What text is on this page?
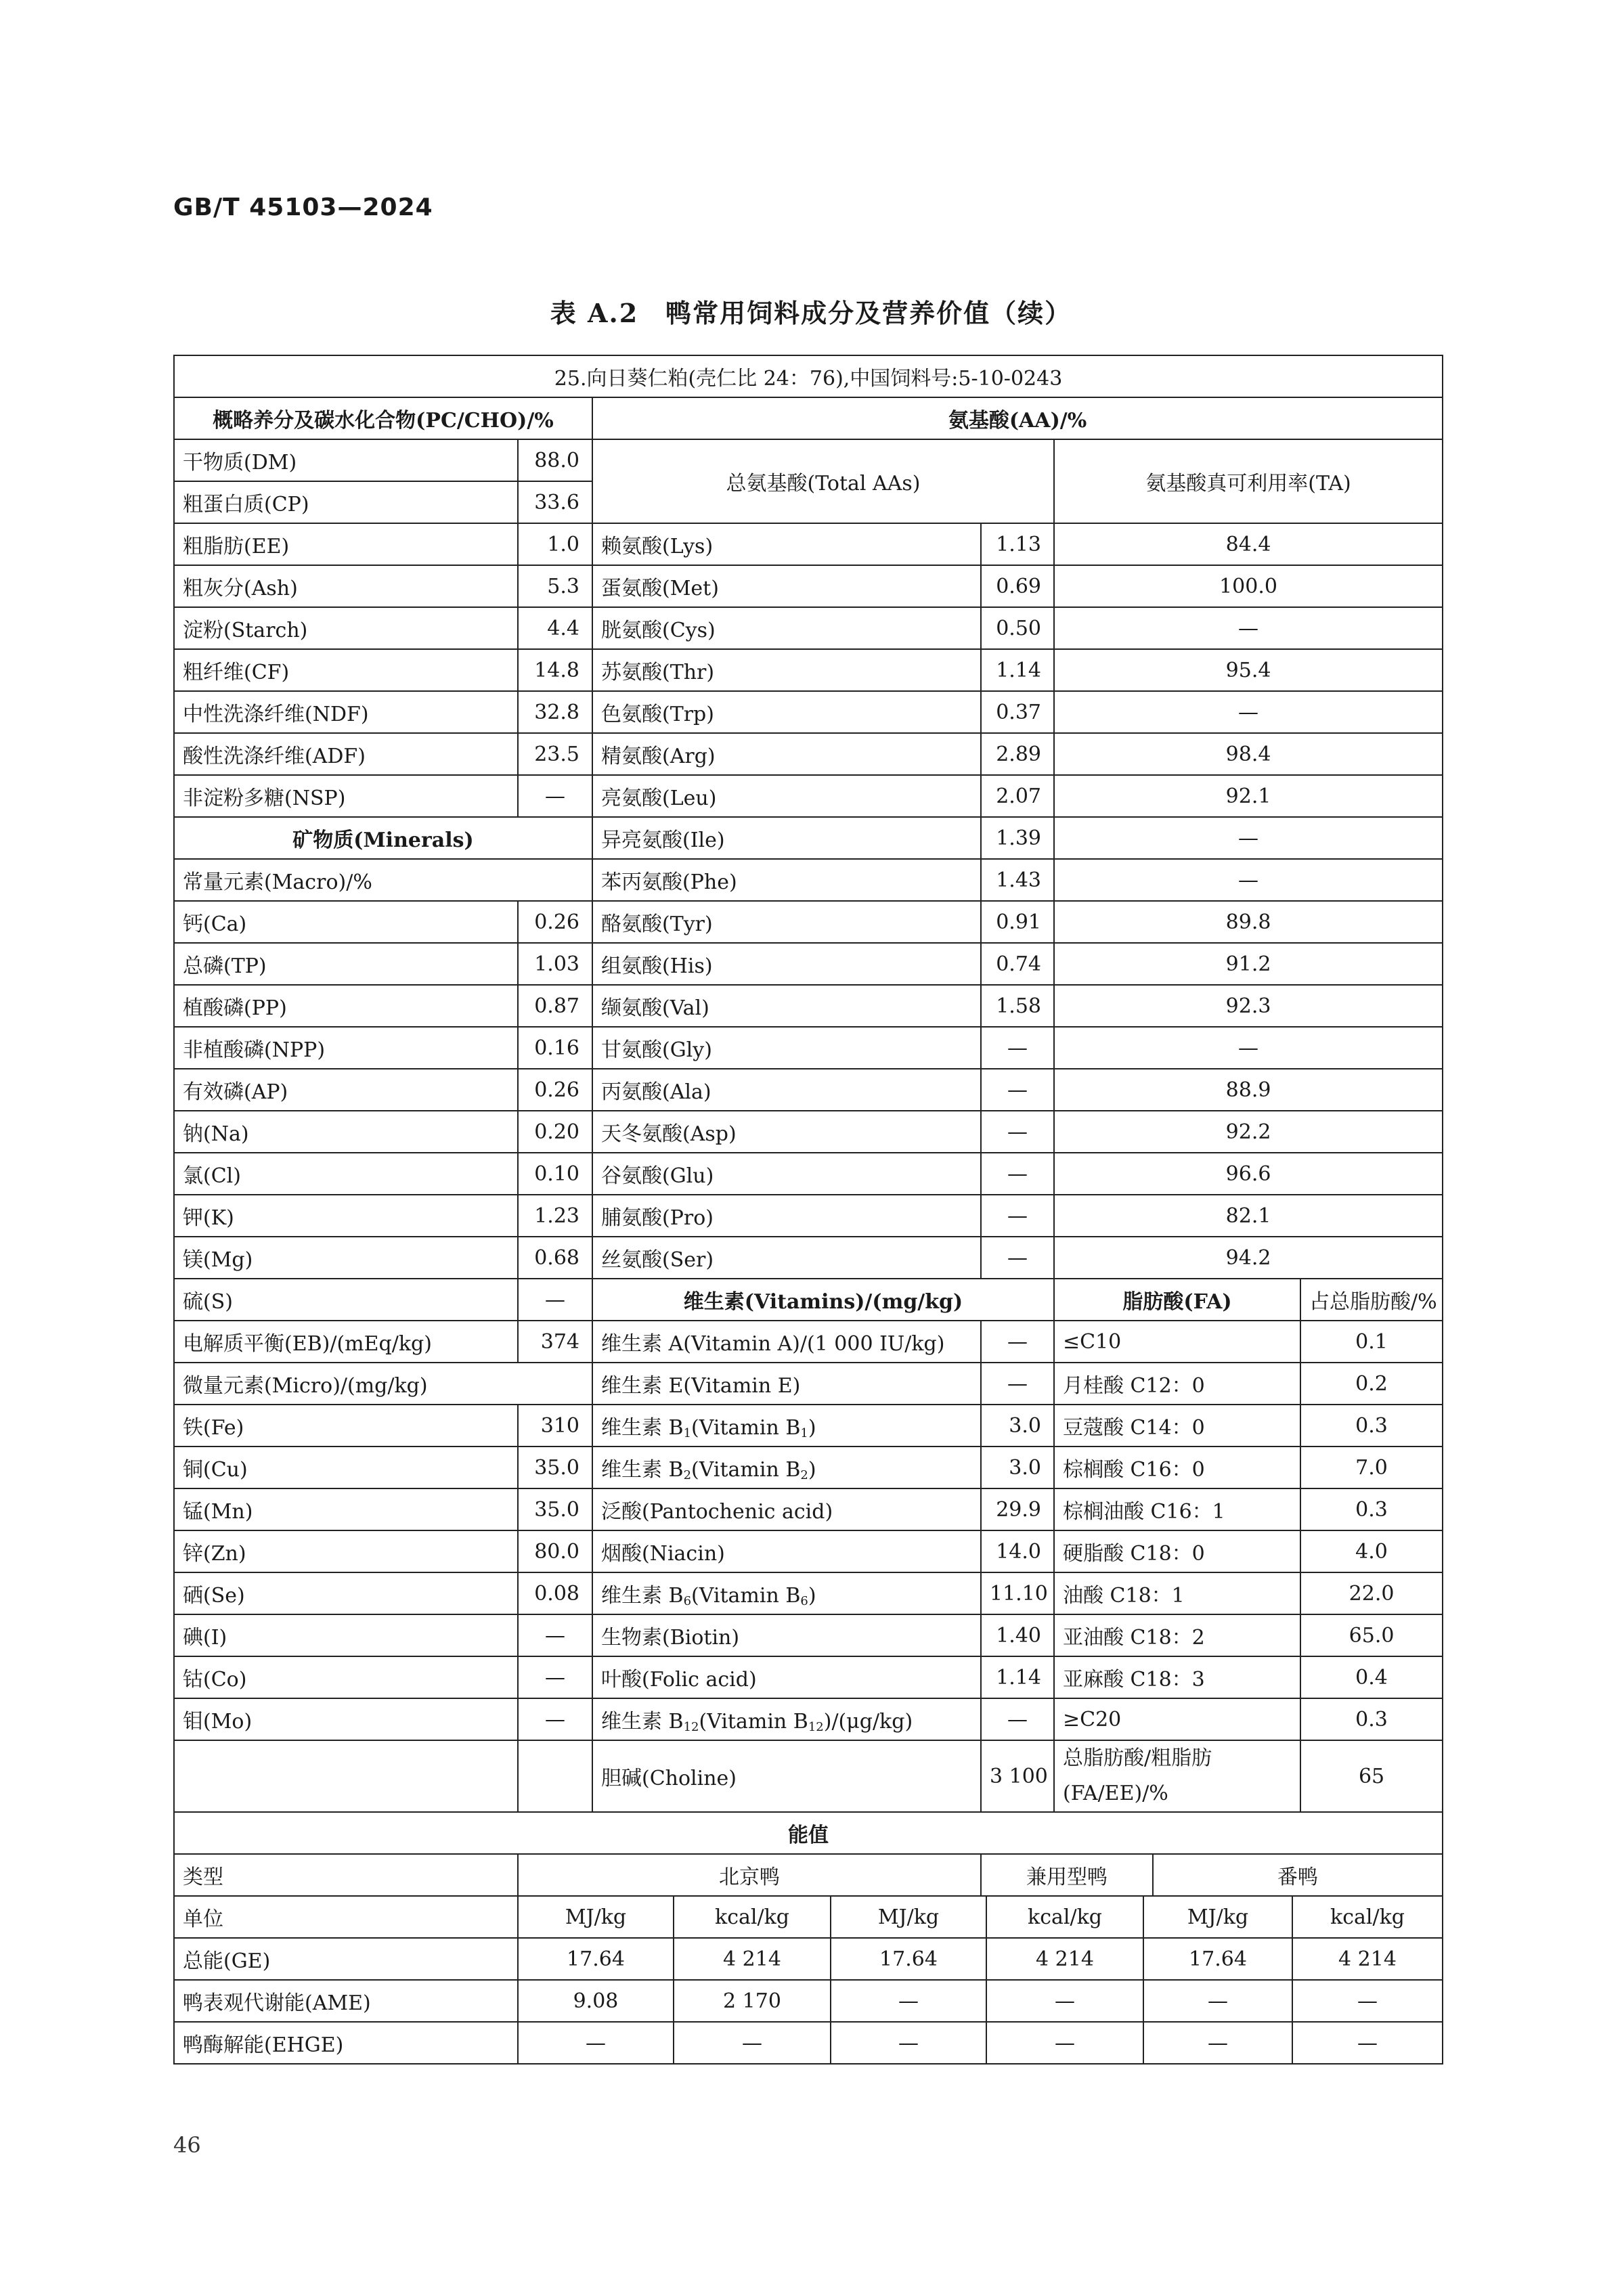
GB/T 45103—2024
表 A.2　鸭常用饲料成分及营养价值（续）
25.向日葵仁粕(壳仁比 24：76),中国饲料号:5-10-0243						
概略养分及碳水化合物(PC/CHO)/%		氨基酸(AA)/%				
干物质(DM)	88.0	总氨基酸(Total AAs)		氨基酸真可利用率(TA)		
粗蛋白质(CP)	33.6					
粗脂肪(EE)	1.0	赖氨酸(Lys)	1.13	84.4		
粗灰分(Ash)	5.3	蛋氨酸(Met)	0.69	100.0		
淀粉(Starch)	4.4	胱氨酸(Cys)	0.50	—		
粗纤维(CF)	14.8	苏氨酸(Thr)	1.14	95.4		
中性洗涤纤维(NDF)	32.8	色氨酸(Trp)	0.37	—		
酸性洗涤纤维(ADF)	23.5	精氨酸(Arg)	2.89	98.4		
非淀粉多糖(NSP)	—	亮氨酸(Leu)	2.07	92.1		
矿物质(Minerals)		异亮氨酸(Ile)	1.39	—		
常量元素(Macro)/%		苯丙氨酸(Phe)	1.43	—		
钙(Ca)	0.26	酪氨酸(Tyr)	0.91	89.8		
总磷(TP)	1.03	组氨酸(His)	0.74	91.2		
植酸磷(PP)	0.87	缬氨酸(Val)	1.58	92.3		
非植酸磷(NPP)	0.16	甘氨酸(Gly)	—	—		
有效磷(AP)	0.26	丙氨酸(Ala)	—	88.9		
钠(Na)	0.20	天冬氨酸(Asp)	—	92.2		
氯(Cl)	0.10	谷氨酸(Glu)	—	96.6		
钾(K)	1.23	脯氨酸(Pro)	—	82.1		
镁(Mg)	0.68	丝氨酸(Ser)	—	94.2		
硫(S)	—	维生素(Vitamins)/(mg/kg)		脂肪酸(FA)		占总脂肪酸/%
电解质平衡(EB)/(mEq/kg)	374	维生素 A(Vitamin A)/(1 000 IU/kg)	—	≤C10		0.1
微量元素(Micro)/(mg/kg)		维生素 E(Vitamin E)	—	月桂酸 C12：0		0.2
铁(Fe)	310	维生素 $B_1(Vitamin$ $B_1$)	3.0	豆蔻酸 C14：0		0.3
铜(Cu)	35.0	维生素 $B_2(Vitamin$ $B_2$)	3.0	棕榈酸 C16：0		7.0
锰(Mn)	35.0	泛酸(Pantochenic acid)	29.9	棕榈油酸 C16：1		0.3
锌(Zn)	80.0	烟酸(Niacin)	14.0	硬脂酸 C18：0		4.0
硒(Se)	0.08	维生素 $B_6(Vitamin$ $B_6$)	11.10	油酸 C18：1		22.0
碘(I)	—	生物素(Biotin)	1.40	亚油酸 C18：2		65.0
钴(Co)	—	叶酸(Folic acid)	1.14	亚麻酸 C18：3		0.4
钼(Mo)	—	维生素 $B_{12}(Vitamin$ $B_{12})/(\mu g/kg)$	—	≥C20		0.3
		胆碱(Choline)	3 100	总脂肪酸/粗脂肪(FA/EE)/%		65
能值						
类型	北京鸭		兼用型鸭		番鸭	
46
单位	MJ/kg	kcal/kg	MJ/kg	kcal/kg	MJ/kg	kcal/kg
总能(GE)	17.64	4 214	17.64	4 214	17.64	4 214
鸭表观代谢能(AME)	9.08	2 170	—	—	—	—
鸭酶解能(EHGE)	—	—	—	—	—	—
